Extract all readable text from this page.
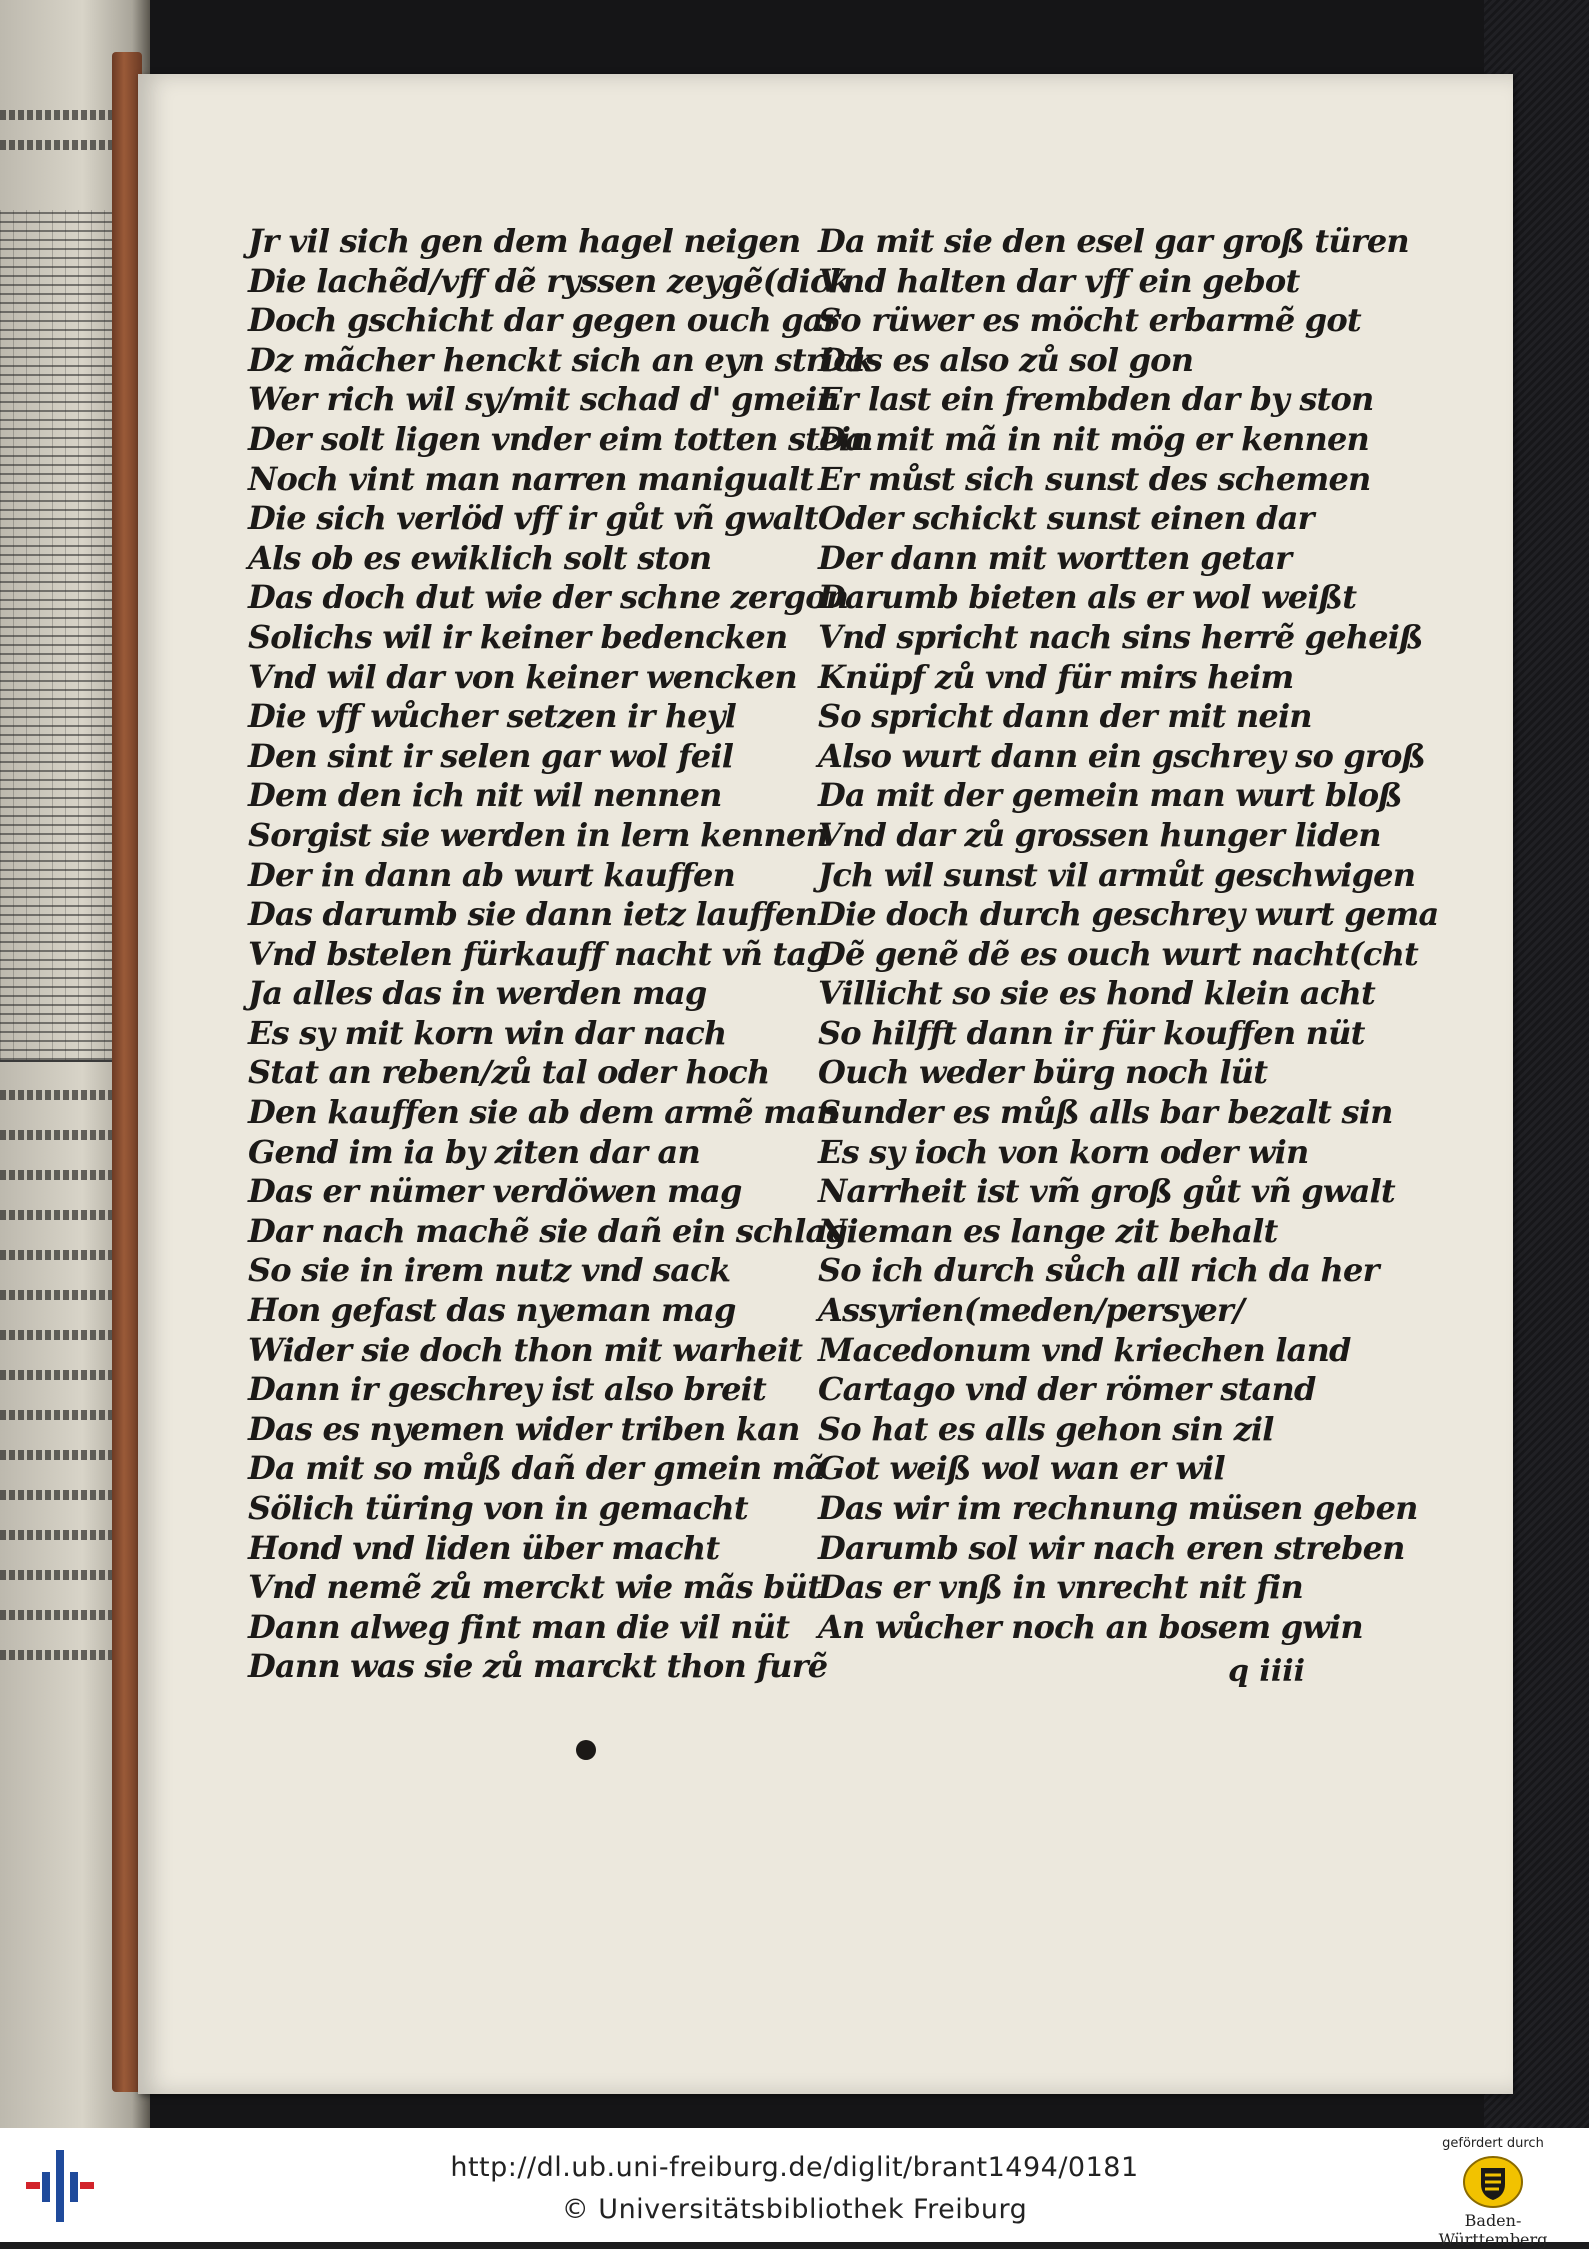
Jr vil sich gen dem hagel neigen
Die lachẽd/vff dẽ ryssen zeygẽ(dick
Doch gschicht dar gegen ouch gar
Dz mãcher henckt sich an eyn strick
Wer rich wil sy/mit schad d' gmein
Der solt ligen vnder eim totten stein
Noch vint man narren manigualt
Die sich verlöd vff ir gůt vñ gwalt
Als ob es ewiklich solt ston
Das doch dut wie der schne zergon
Solichs wil ir keiner bedencken
Vnd wil dar von keiner wencken
Die vff wůcher setzen ir heyl
Den sint ir selen gar wol feil
Dem den ich nit wil nennen
Sorgist sie werden in lern kennen
Der in dann ab wurt kauffen
Das darumb sie dann ietz lauffen
Vnd bstelen fürkauff nacht vñ tag
Ja alles das in werden mag
Es sy mit korn win dar nach
Stat an reben/zů tal oder hoch
Den kauffen sie ab dem armẽ man
Gend im ia by ziten dar an
Das er nümer verdöwen mag
Dar nach machẽ sie dañ ein schlag
So sie in irem nutz vnd sack
Hon gefast das nyeman mag
Wider sie doch thon mit warheit
Dann ir geschrey ist also breit
Das es nyemen wider triben kan
Da mit so můß dañ der gmein mã
Sölich türing von in gemacht
Hond vnd liden über macht
Vnd nemẽ zů merckt wie mãs büt
Dann alweg fint man die vil nüt
Dann was sie zů marckt thon furẽ
Da mit sie den esel gar groß türen
Vnd halten dar vff ein gebot
So rüwer es möcht erbarmẽ got
Das es also zů sol gon
Er last ein frembden dar by ston
Da mit mã in nit mög er kennen
Er můst sich sunst des schemen
Oder schickt sunst einen dar
Der dann mit wortten getar
Darumb bieten als er wol weißt
Vnd spricht nach sins herrẽ geheiß
Knüpf zů vnd für mirs heim
So spricht dann der mit nein
Also wurt dann ein gschrey so groß
Da mit der gemein man wurt bloß
Vnd dar zů grossen hunger liden
Jch wil sunst vil armůt geschwigen
Die doch durch geschrey wurt gema
Dẽ genẽ dẽ es ouch wurt nacht(cht
Villicht so sie es hond klein acht
So hilfft dann ir für kouffen nüt
Ouch weder bürg noch lüt
Sunder es můß alls bar bezalt sin
Es sy ioch von korn oder win
Narrheit ist vm̃ groß gůt vñ gwalt
Nieman es lange zit behalt
So ich durch sůch all rich da her
Assyrien(meden/persyer/
Macedonum vnd kriechen land
Cartago vnd der römer stand
So hat es alls gehon sin zil
Got weiß wol wan er wil
Das wir im rechnung müsen geben
Darumb sol wir nach eren streben
Das er vnß in vnrecht nit fin
An wůcher noch an bosem gwin
q iiii
http://dl.ub.uni-freiburg.de/diglit/brant1494/0181
© Universitätsbibliothek Freiburg
gefördert durch
Baden-Württemberg
